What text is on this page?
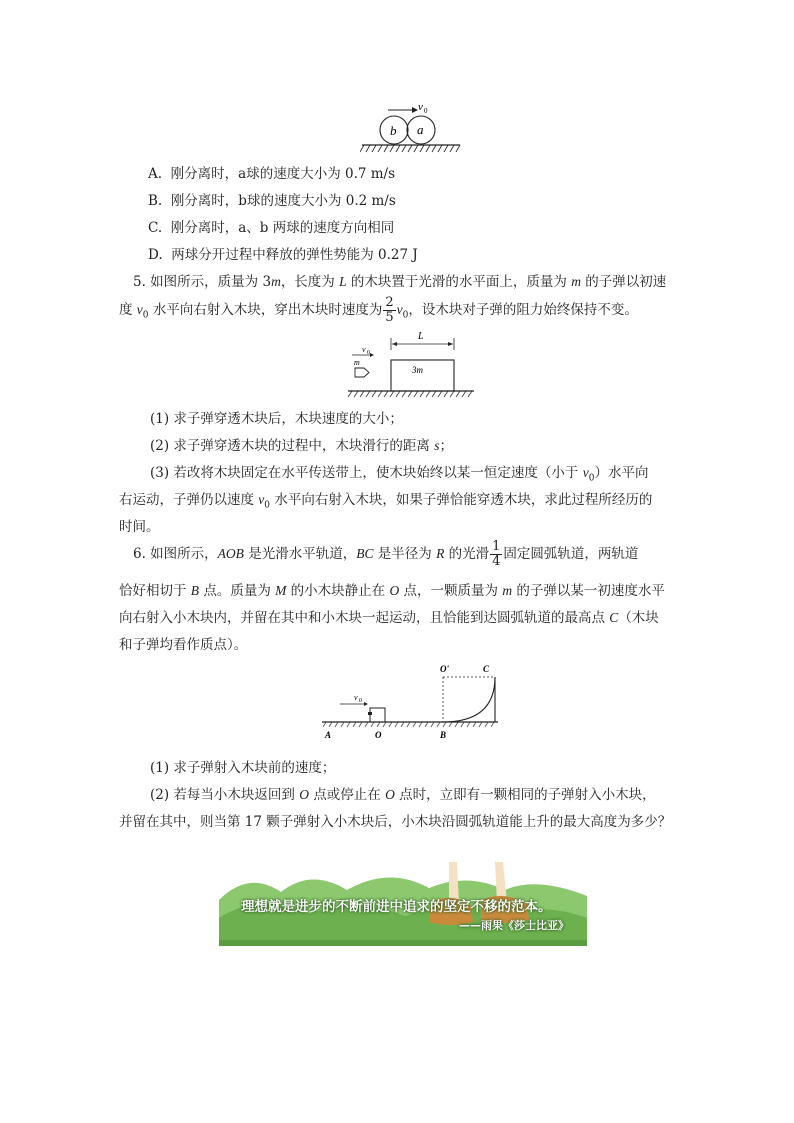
v 0
b a
A. 刚分离时，a球的速度大小为 0.7 m/s
B. 刚分离时，b球的速度大小为 0.2 m/s
C. 刚分离时，a、b 两球的速度方向相同
D. 两球分开过程中释放的弹性势能为 0.27 J
5. 如图所示，质量为 3m，长度为 L 的木块置于光滑的水平面上，质量为 m 的子弹以初速
度 $v_0$ 水平向右射入木块，穿出木块时速度为 $\frac{2}{5} v_0$，设木块对子弹的阻力始终保持不变。
L
v 0
m
3m
(1) 求子弹穿透木块后，木块速度的大小；
(2) 求子弹穿透木块的过程中，木块滑行的距离 s；
(3) 若改将木块固定在水平传送带上，使木块始终以某一恒定速度（小于 $v_0$）水平向
右运动，子弹仍以速度 $v_0$ 水平向右射入木块，如果子弹恰能穿透木块，求此过程所经历的
时间。
6. 如图所示，AOB 是光滑水平轨道，BC 是半径为 R 的光滑 $\frac{1}{4}$ 固定圆弧轨道，两轨道
恰好相切于 B 点。质量为 M 的小木块静止在 O 点，一颗质量为 m 的子弹以某一初速度水平
向右射入小木块内，并留在其中和小木块一起运动，且恰能到达圆弧轨道的最高点 C（木块
和子弹均看作质点）。
O'	C
v 0
A	O	B
(1) 求子弹射入木块前的速度；
(2) 若每当小木块返回到 O 点或停止在 O 点时，立即有一颗相同的子弹射入小木块，
并留在其中，则当第 17 颗子弹射入小木块后，小木块沿圆弧轨道能上升的最大高度为多少？
理想就是进步的不断前进中追求的坚定不移的范本。
——雨果《莎士比亚》
